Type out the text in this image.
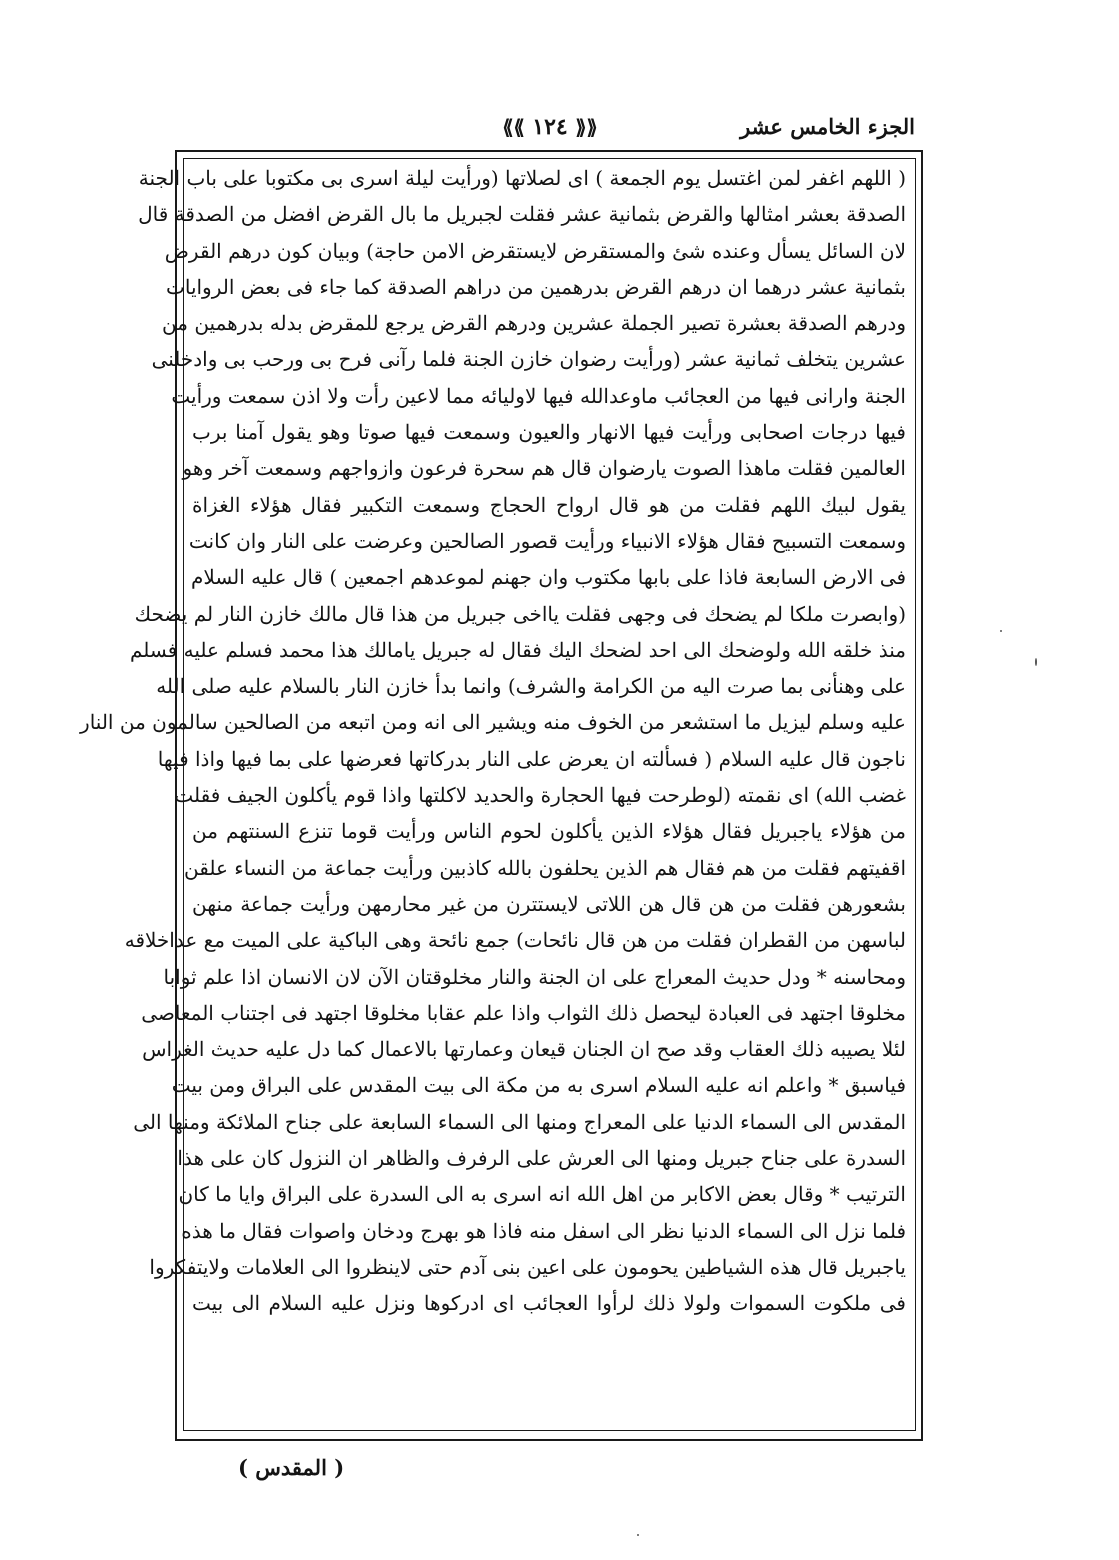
الجزء الخامس عشر
⟪⟪ ١٢٤ ⟫⟫
( اللهم اغفر لمن اغتسل يوم الجمعة ) اى لصلاتها (ورأيت ليلة اسرى بى مكتوبا على باب الجنة
الصدقة بعشر امثالها والقرض بثمانية عشر فقلت لجبريل ما بال القرض افضل من الصدقة قال
لان السائل يسأل وعنده شئ والمستقرض لايستقرض الامن حاجة) وبيان كون درهم القرض
بثمانية عشر درهما ان درهم القرض بدرهمين من دراهم الصدقة كما جاء فى بعض الروايات
ودرهم الصدقة بعشرة تصير الجملة عشرين ودرهم القرض يرجع للمقرض بدله بدرهمين من
عشرين يتخلف ثمانية عشر (ورأيت رضوان خازن الجنة فلما رآنى فرح بى ورحب بى وادخلنى
الجنة وارانى فيها من العجائب ماوعدالله فيها لاوليائه مما لاعين رأت ولا اذن سمعت ورأيت
فيها درجات اصحابى ورأيت فيها الانهار والعيون وسمعت فيها صوتا وهو يقول آمنا برب
العالمين فقلت ماهذا الصوت يارضوان قال هم سحرة فرعون وازواجهم وسمعت آخر وهو
يقول لبيك اللهم فقلت من هو قال ارواح الحجاج وسمعت التكبير فقال هؤلاء الغزاة
وسمعت التسبيح فقال هؤلاء الانبياء ورأيت قصور الصالحين وعرضت على النار وان كانت
فى الارض السابعة فاذا على بابها مكتوب وان جهنم لموعدهم اجمعين ) قال عليه السلام
(وابصرت ملكا لم يضحك فى وجهى فقلت يااخى جبريل من هذا قال مالك خازن النار لم يضحك
منذ خلقه الله ولوضحك الى احد لضحك اليك فقال له جبريل يامالك هذا محمد فسلم عليه فسلم
على وهنأنى بما صرت اليه من الكرامة والشرف) وانما بدأ خازن النار بالسلام عليه صلى الله
عليه وسلم ليزيل ما استشعر من الخوف منه ويشير الى انه ومن اتبعه من الصالحين سالمون من النار
ناجون قال عليه السلام ( فسألته ان يعرض على النار بدركاتها فعرضها على بما فيها واذا فيها
غضب الله) اى نقمته (لوطرحت فيها الحجارة والحديد لاكلتها واذا قوم يأكلون الجيف فقلت
من هؤلاء ياجبريل فقال هؤلاء الذين يأكلون لحوم الناس ورأيت قوما تنزع السنتهم من
اقفيتهم فقلت من هم فقال هم الذين يحلفون بالله كاذبين ورأيت جماعة من النساء علقن
بشعورهن فقلت من هن قال هن اللاتى لايستترن من غير محارمهن ورأيت جماعة منهن
لباسهن من القطران فقلت من هن قال نائحات) جمع نائحة وهى الباكية على الميت مع عداخلاقه
ومحاسنه * ودل حديث المعراج على ان الجنة والنار مخلوقتان الآن لان الانسان اذا علم ثوابا
مخلوقا اجتهد فى العبادة ليحصل ذلك الثواب واذا علم عقابا مخلوقا اجتهد فى اجتناب المعاصى
لئلا يصيبه ذلك العقاب وقد صح ان الجنان قيعان وعمارتها بالاعمال كما دل عليه حديث الغراس
فياسبق * واعلم انه عليه السلام اسرى به من مكة الى بيت المقدس على البراق ومن بيت
المقدس الى السماء الدنيا على المعراج ومنها الى السماء السابعة على جناح الملائكة ومنها الى
السدرة على جناح جبريل ومنها الى العرش على الرفرف والظاهر ان النزول كان على هذا
الترتيب * وقال بعض الاكابر من اهل الله انه اسرى به الى السدرة على البراق وايا ما كان
فلما نزل الى السماء الدنيا نظر الى اسفل منه فاذا هو بهرج ودخان واصوات فقال ما هذه
ياجبريل قال هذه الشياطين يحومون على اعين بنى آدم حتى لاينظروا الى العلامات ولايتفكروا
فى ملكوت السموات ولولا ذلك لرأوا العجائب اى ادركوها ونزل عليه السلام الى بيت
( المقدس )
